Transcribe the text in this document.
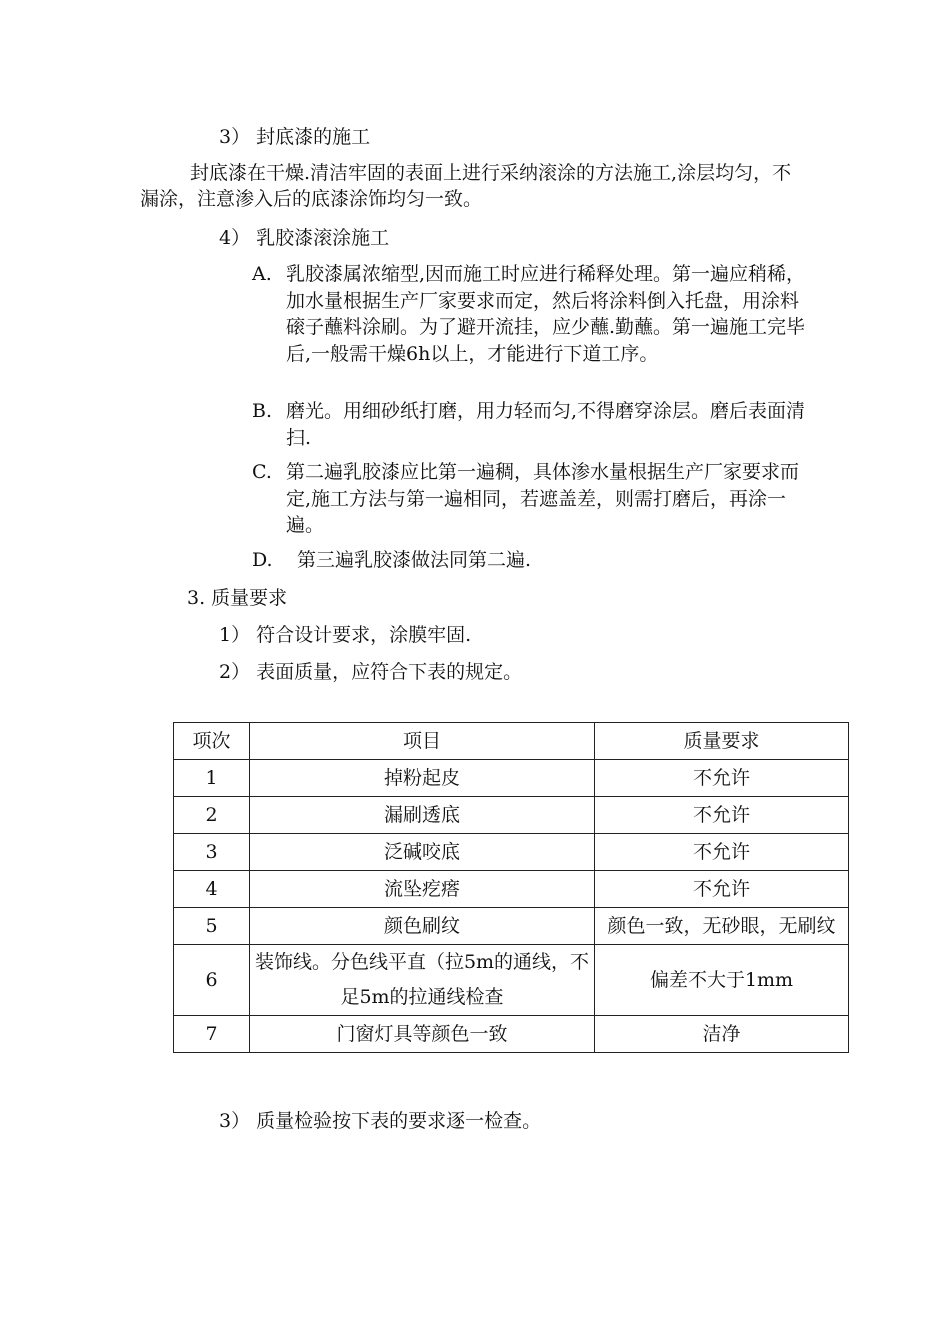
3） 封底漆的施工
封底漆在干燥.清洁牢固的表面上进行采纳滚涂的方法施工,涂层均匀，不漏涂，注意渗入后的底漆涂饰均匀一致。
4） 乳胶漆滚涂施工
A. 乳胶漆属浓缩型,因而施工时应进行稀释处理。第一遍应稍稀，加水量根据生产厂家要求而定，然后将涂料倒入托盘，用涂料磙子蘸料涂刷。为了避开流挂，应少蘸.勤蘸。第一遍施工完毕后,一般需干燥6h以上，才能进行下道工序。
B. 磨光。用细砂纸打磨，用力轻而匀,不得磨穿涂层。磨后表面清扫.
C. 第二遍乳胶漆应比第一遍稠，具体渗水量根据生产厂家要求而定,施工方法与第一遍相同，若遮盖差，则需打磨后，再涂一遍。
D. 第三遍乳胶漆做法同第二遍.
3. 质量要求
1） 符合设计要求，涂膜牢固.
2） 表面质量，应符合下表的规定。
项次	项目	质量要求
1	掉粉起皮	不允许
2	漏刷透底	不允许
3	泛碱咬底	不允许
4	流坠疙瘩	不允许
5	颜色刷纹	颜色一致，无砂眼，无刷纹
6	装饰线。分色线平直（拉5m的通线，不足5m的拉通线检查	偏差不大于1mm
7	门窗灯具等颜色一致	洁净
3） 质量检验按下表的要求逐一检查。
